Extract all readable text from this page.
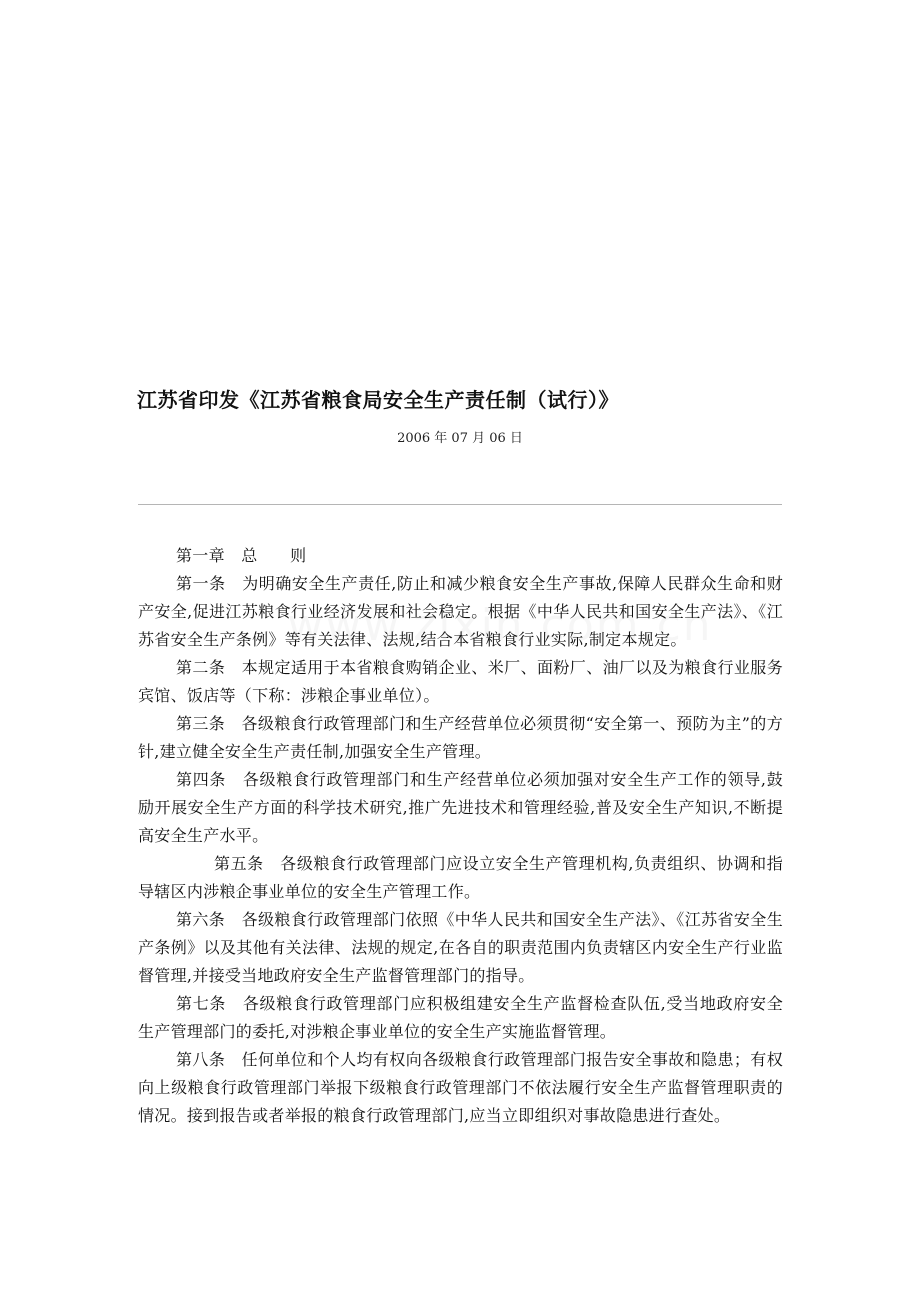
江苏省印发《江苏省粮食局安全生产责任制（试行）》
2006 年 07 月 06 日

第一章　总　　则

第一条　为明确安全生产责任,防止和减少粮食安全生产事故,保障人民群众生命和财产安全,促进江苏粮食行业经济发展和社会稳定。根据《中华人民共和国安全生产法》、《江苏省安全生产条例》等有关法律、法规,结合本省粮食行业实际,制定本规定。

第二条　本规定适用于本省粮食购销企业、米厂、面粉厂、油厂以及为粮食行业服务宾馆、饭店等（下称：涉粮企事业单位）。

第三条　各级粮食行政管理部门和生产经营单位必须贯彻“安全第一、预防为主”的方针,建立健全安全生产责任制,加强安全生产管理。

第四条　各级粮食行政管理部门和生产经营单位必须加强对安全生产工作的领导,鼓励开展安全生产方面的科学技术研究,推广先进技术和管理经验,普及安全生产知识,不断提高安全生产水平。

第五条　各级粮食行政管理部门应设立安全生产管理机构,负责组织、协调和指导辖区内涉粮企事业单位的安全生产管理工作。

第六条　各级粮食行政管理部门依照《中华人民共和国安全生产法》、《江苏省安全生产条例》以及其他有关法律、法规的规定,在各自的职责范围内负责辖区内安全生产行业监督管理,并接受当地政府安全生产监督管理部门的指导。

第七条　各级粮食行政管理部门应积极组建安全生产监督检查队伍,受当地政府安全生产管理部门的委托,对涉粮企事业单位的安全生产实施监督管理。

第八条　任何单位和个人均有权向各级粮食行政管理部门报告安全事故和隐患；有权向上级粮食行政管理部门举报下级粮食行政管理部门不依法履行安全生产监督管理职责的情况。接到报告或者举报的粮食行政管理部门,应当立即组织对事故隐患进行查处。
